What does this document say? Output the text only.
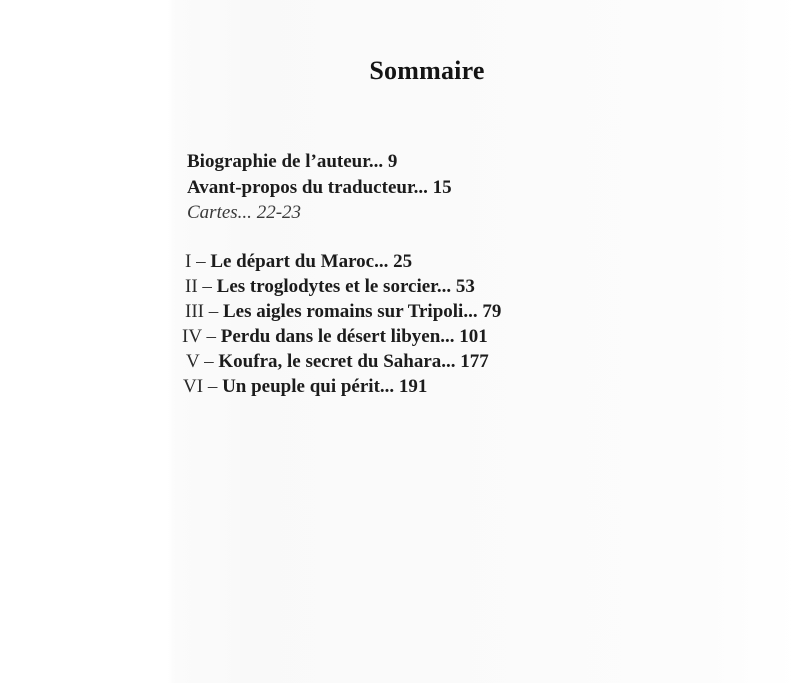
Sommaire
Biographie de l’auteur... 9
Avant-propos du traducteur... 15
Cartes... 22-23
I – Le départ du Maroc... 25
II – Les troglodytes et le sorcier... 53
III – Les aigles romains sur Tripoli... 79
IV – Perdu dans le désert libyen... 101
V – Koufra, le secret du Sahara... 177
VI – Un peuple qui périt... 191
